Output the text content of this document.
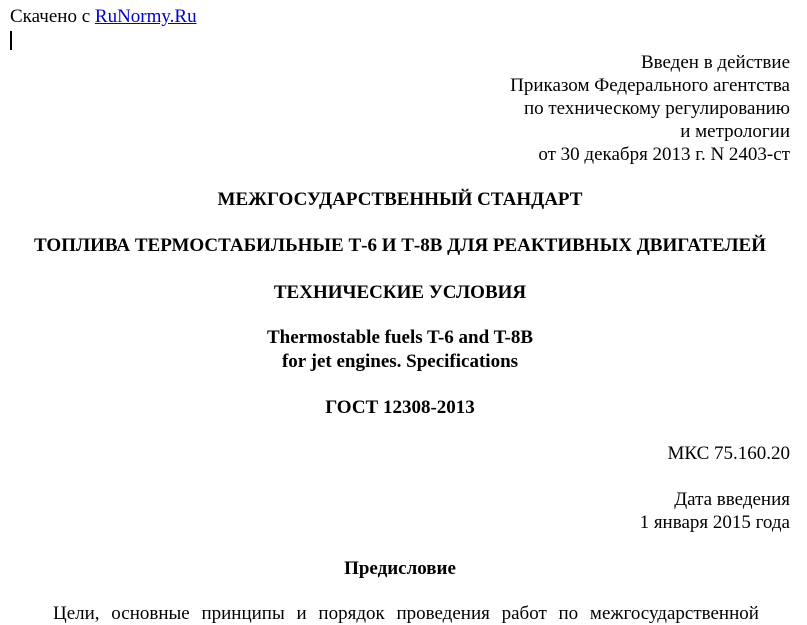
Скачено с RuNormy.Ru
Введен в действие
Приказом Федерального агентства
по техническому регулированию
и метрологии
от 30 декабря 2013 г. N 2403-ст
МЕЖГОСУДАРСТВЕННЫЙ СТАНДАРТ
ТОПЛИВА ТЕРМОСТАБИЛЬНЫЕ Т-6 И Т-8В ДЛЯ РЕАКТИВНЫХ ДВИГАТЕЛЕЙ
ТЕХНИЧЕСКИЕ УСЛОВИЯ
Thermostable fuels T-6 and T-8B
for jet engines. Specifications
ГОСТ 12308-2013
МКС 75.160.20
Дата введения
1 января 2015 года
Предисловие
Цели, основные принципы и порядок проведения работ по межгосударственной
